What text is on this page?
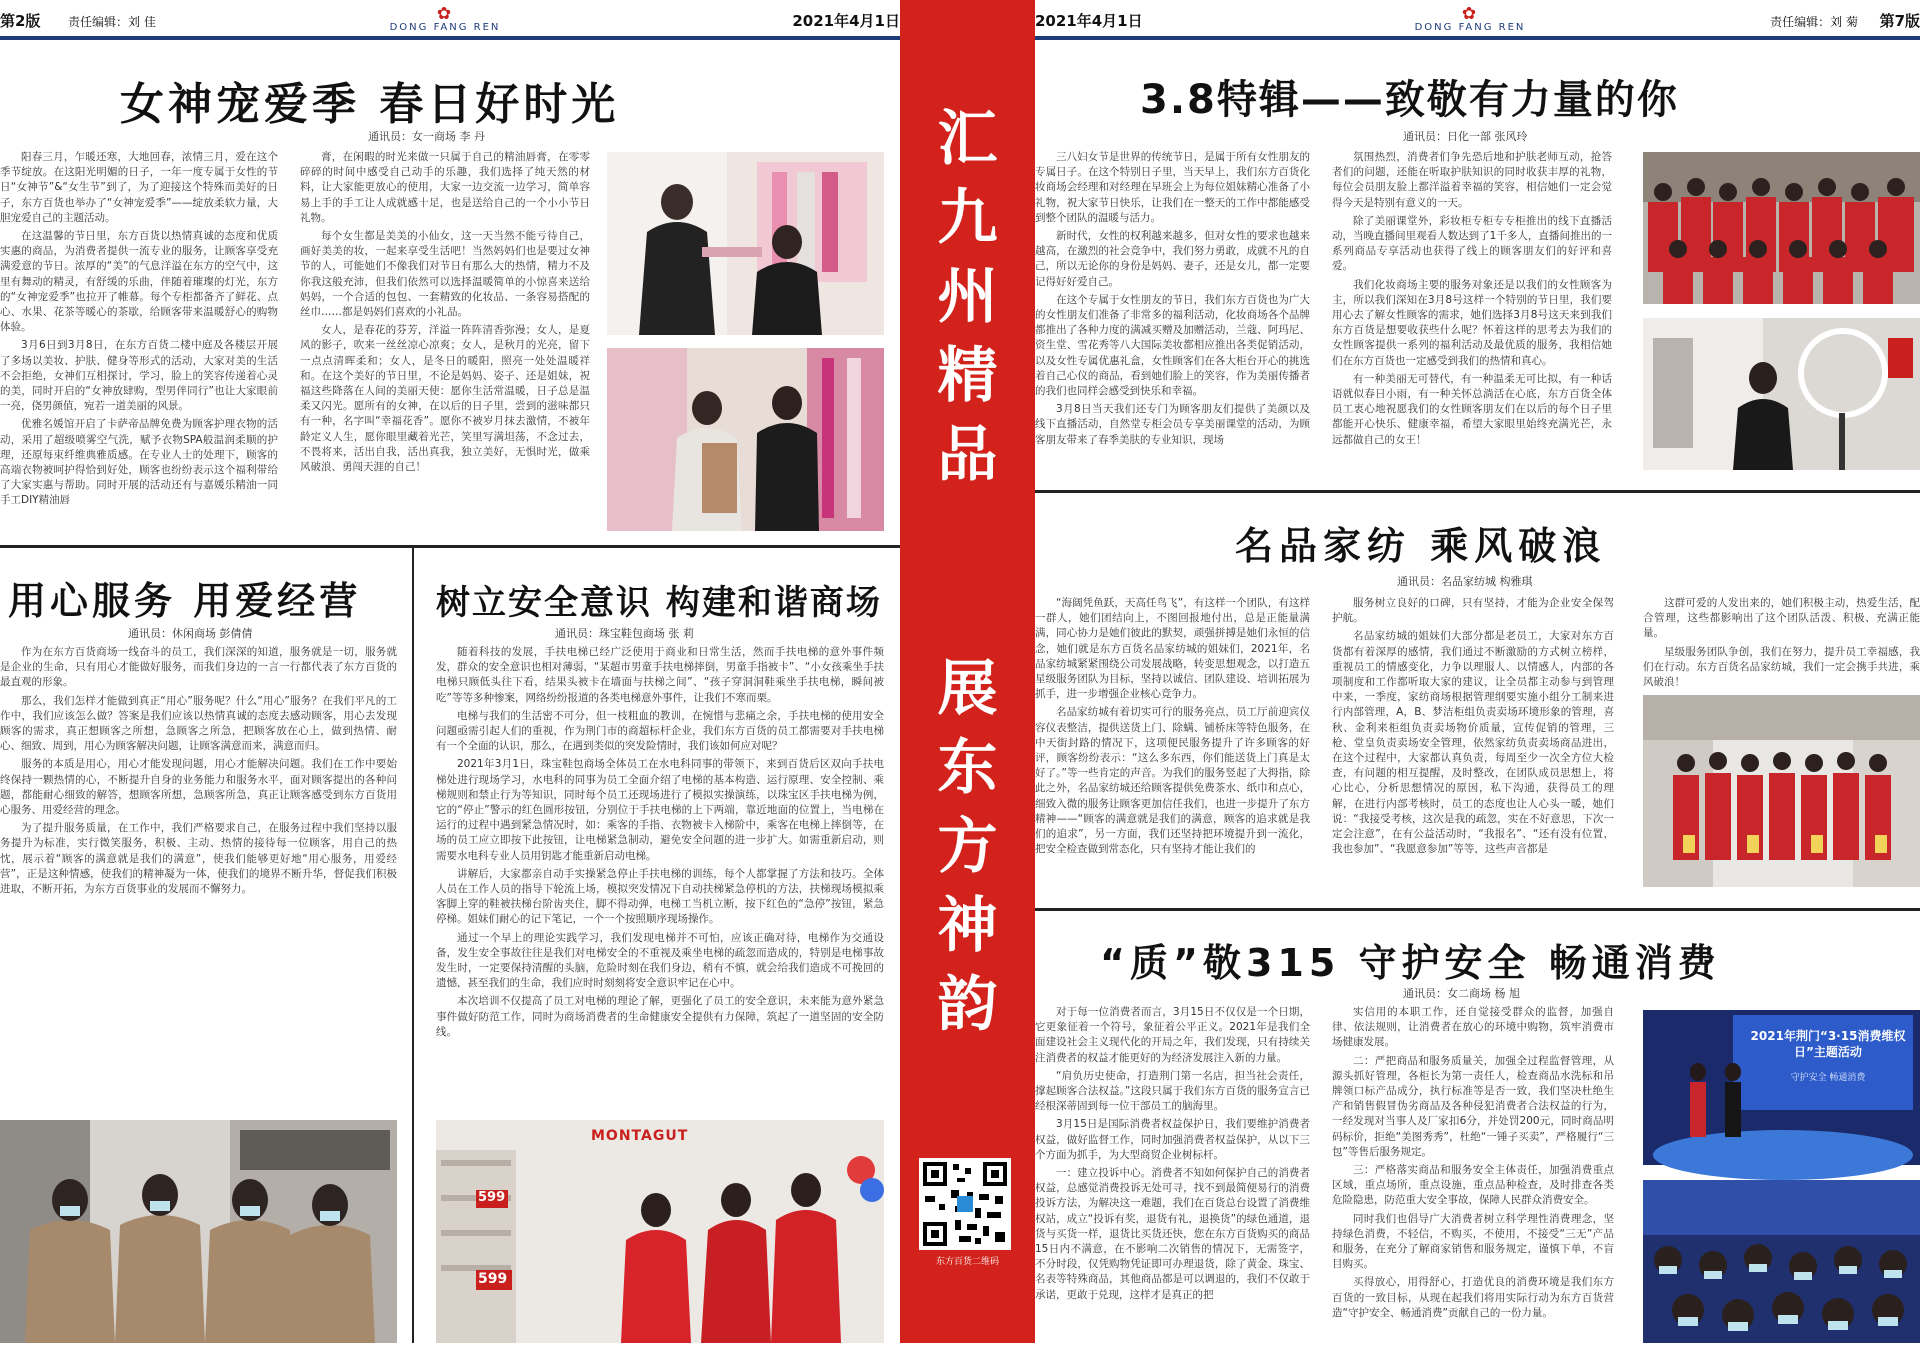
第2版 责任编辑：刘 佳	✿
DONG FANG REN	2021年4月1日
女神宠爱季 春日好时光
通讯员：女一商场 李 丹

阳春三月，乍暖还寒，大地回春，浓情三月，爱在这个季节绽放。在这阳光明媚的日子，一年一度专属于女性的节日“女神节”&“女生节”到了，为了迎接这个特殊而美好的日子，东方百货也举办了“女神宠爱季”——绽放柔软力量，大胆宠爱自己的主题活动。

在这温馨的节日里，东方百货以热情真诚的态度和优质实惠的商品，为消费者提供一流专业的服务，让顾客享受充满爱意的节日。浓厚的“美”的气息洋溢在东方的空气中，这里有舞动的精灵，有舒缓的乐曲，伴随着璀璨的灯光，东方的“女神宠爱季”也拉开了帷幕。每个专柜都备齐了鲜花、点心、水果、花茶等暖心的茶歇，给顾客带来温暖舒心的购物体验。

3月6日到3月8日，在东方百货二楼中庭及各楼层开展了多场以美妆、护肤、健身等形式的活动，大家对美的生活不会拒绝，女神们互相探讨，学习，脸上的笑容传递着心灵的美，同时开启的“女神放肆购，型男伴同行”也让大家眼前一亮，侥男颜值，宛若一道美丽的风景。

优雅名媛馆开启了卡萨帝品牌免费为顾客护理衣物的活动，采用了超级喷雾空气洗，赋予衣物SPA般温润柔顺的护理，还原每束纤维典雅质感。在专业人士的处理下，顾客的高端衣物被呵护得恰到好处，顾客也纷纷表示这个福利带给了大家实惠与帮助。同时开展的活动还有与嘉媛乐精油一同手工DIY精油唇

膏，在闲暇的时光来做一只属于自己的精油唇膏，在零零碎碎的时间中感受自己动手的乐趣，我们选择了纯天然的材料，让大家能更放心的使用，大家一边交流一边学习，简单容易上手的手工让人成就感十足，也是送给自己的一个小小节日礼物。

每个女生都是美美的小仙女，这一天当然不能亏待自己，画好美美的妆，一起来享受生活吧！当然妈妈们也是要过女神节的人，可能她们不像我们对节日有那么大的热情，精力不及你我这般充沛，但我们依然可以选择温暖简单的小惊喜来送给妈妈，一个合适的包包、一套精致的化妆品、一条容易搭配的丝巾……都是妈妈们喜欢的小礼品。

女人，是春花的芬芳，洋溢一阵阵清香弥漫；女人，是夏风的影子，吹来一丝丝凉心凉爽；女人，是秋月的光亮，留下一点点清晖柔和；女人，是冬日的暖阳，照亮一处处温暖祥和。在这个美好的节日里，不论是妈妈、姿子、还是姐妹，祝福这些降落在人间的美丽天使：愿你生活常温暖，日子总是温柔又闪光。愿所有的女神，在以后的日子里，尝到的滋味都只有一种，名字叫“幸福花香”。愿你不被岁月抹去激情，不被年龄定义人生，愿你眼里藏着光芒，笑里写满坦荡，不念过去，不畏将来，活出自我，活出真我，独立美好，无惧时光，做乘风破浪、勇闯天涯的自己！

用心服务 用爱经营
通讯员：休闲商场 彭倩倩

作为在东方百货商场一线奋斗的员工，我们深深的知道，服务就是一切，服务就是企业的生命，只有用心才能做好服务，而我们身边的一言一行都代表了东方百货的最直观的形象。

那么，我们怎样才能做到真正“用心”服务呢？什么“用心”服务？在我们平凡的工作中，我们应该怎么做？答案是我们应该以热情真诚的态度去感动顾客，用心去发现顾客的需求，真正想顾客之所想，急顾客之所急，把顾客放在心上，做到热情、耐心、细致、周到，用心为顾客解决问题，让顾客满意而来，满意而归。

服务的本质是用心，用心才能发现问题，用心才能解决问题。我们在工作中要始终保持一颗热情的心，不断提升自身的业务能力和服务水平，面对顾客提出的各种问题，都能耐心细致的解答，想顾客所想，急顾客所急，真正让顾客感受到东方百货用心服务、用爱经营的理念。

为了提升服务质量，在工作中，我们严格要求自己，在服务过程中我们坚持以服务提升为标准，实行微笑服务，积极、主动、热情的接待每一位顾客，用自己的热忱，展示着“顾客的满意就是我们的满意”，使我们能够更好地“用心服务，用爱经营”，正是这种情感，使我们的精神凝为一体，使我们的境界不断升华，督促我们积极进取，不断开拓，为东方百货事业的发展而不懈努力。

树立安全意识 构建和谐商场
通讯员：珠宝鞋包商场 张 莉

随着科技的发展，手扶电梯已经广泛使用于商业和日常生活，然而手扶电梯的意外事件频发，群众的安全意识也相对薄弱，“某超市男童手扶电梯摔倒，男童手指被卡”、“小女孩乘坐手扶电梯只顾低头往下看，结果头被卡在墙面与扶梯之间”、“孩子穿洞洞鞋乘坐手扶电梯，瞬间被吃”等等多种惨案，网络纷纷报道的各类电梯意外事件，让我们不寒而栗。

电梯与我们的生活密不可分，但一枝粗血的教训，在惋惜与悲痛之余，手扶电梯的使用安全问题亟需引起人们的重视，作为荆门市的商超标杆企业，我们东方百货的员工都需要对手扶电梯有一个全面的认识，那么，在遇到类似的突发险情时，我们该如何应对呢？

2021年3月1日，珠宝鞋包商场全体员工在水电科同事的带领下，来到百货后区双向手扶电梯处进行现场学习，水电科的同事为员工全面介绍了电梯的基本构造、运行原理、安全控制、乘梯规则和禁止行为等知识，同时每个员工还现场进行了模拟实操演练，以珠宝区手扶电梯为例，它的“停止”警示的红色圆形按钮，分别位于手扶电梯的上下两端，靠近地面的位置上，当电梯在运行的过程中遇到紧急情况时，如：乘客的手指、衣物被卡入梯阶中，乘客在电梯上摔倒等，在场的员工应立即按下此按钮，让电梯紧急制动，避免安全问题的进一步扩大。如需重新启动，则需要水电科专业人员用钥匙才能重新启动电梯。

讲解后，大家都亲自动手实操紧急停止手扶电梯的训练，每个人都掌握了方法和技巧。全体人员在工作人员的指导下轮流上场，模拟突发情况下自动扶梯紧急停机的方法，扶梯现场模拟乘客脚上穿的鞋被扶梯台阶齿夹住，脚不得动弹，电梯工当机立断，按下红色的“急停”按钮，紧急停梯。姐妹们耐心的记下笔记，一个一个按照顺序现场操作。

通过一个早上的理论实践学习，我们发现电梯并不可怕，应该正确对待，电梯作为交通设备，发生安全事故往往是我们对电梯安全的不重视及乘坐电梯的疏忽而造成的，特别是电梯事故发生时，一定要保持清醒的头脑，危险时刻在我们身边，稍有不慎，就会给我们造成不可挽回的遗憾，甚至我们的生命，我们应时时刻刻将安全意识牢记在心中。

本次培训不仅提高了员工对电梯的理论了解，更强化了员工的安全意识，未来能为意外紧急事件做好防范工作，同时为商场消费者的生命健康安全提供有力保障，筑起了一道坚固的安全防线。

MONTAGUT
599
599
汇
九
州
精
品
展
东
方
神
韵
东方百货二维码
2021年4月1日	✿
DONG FANG REN	责任编辑：刘 菊 第7版
3.8特辑——致敬有力量的你
通讯员：日化一部 张风玲

三八妇女节是世界的传统节日，是属于所有女性朋友的专属日子。在这个特别日子里，当天早上，我们东方百货化妆商场会经理和对经理在早班会上为每位姐妹精心准备了小礼物，祝大家节日快乐，让我们在一整天的工作中都能感受到整个团队的温暖与活力。

新时代，女性的权利越来越多，但对女性的要求也越来越高，在激烈的社会竞争中，我们努力勇敢，成就不凡的自己，所以无论你的身份是妈妈、妻子，还是女儿，都一定要记得好好爱自己。

在这个专属于女性朋友的节日，我们东方百货也为广大的女性朋友们准备了非常多的福利活动，化妆商场各个品牌都推出了各种力度的满减买赠及加赠活动，兰蔻、阿玛尼、资生堂、雪花秀等八大国际美妆都相应推出各类促销活动，以及女性专属优惠礼盒，女性顾客们在各大柜台开心的挑选着自己心仪的商品，看到她们脸上的笑容，作为美丽传播者的我们也同样会感受到快乐和幸福。

3月8日当天我们还专门为顾客朋友们提供了美颜以及线下直播活动，自然堂专柜会员专享美丽课堂的活动，为顾客朋友带来了春季美肤的专业知识，现场

氛围热烈，消费者们争先恐后地和护肤老师互动，抢答者们的问题，还能在听取护肤知识的同时收获丰厚的礼物，每位会员朋友脸上都洋溢着幸福的笑容，相信她们一定会觉得今天是特别有意义的一天。

除了美丽课堂外，彩妆柜专柜专专柜推出的线下直播活动，当晚直播间里观看人数达到了1千多人，直播间推出的一系列商品专享活动也获得了线上的顾客朋友们的好评和喜爱。

我们化妆商场主要的服务对象还是以我们的女性顾客为主，所以我们深知在3月8号这样一个特别的节日里，我们要用心去了解女性顾客的需求，她们选择3月8号这天来到我们东方百货是想要收获些什么呢？怀着这样的思考去为我们的女性顾客提供一系列的福利活动及最优质的服务，我相信她们在东方百货也一定感受到我们的热情和真心。

有一种美丽无可替代，有一种温柔无可比拟，有一种话语就似春日小雨，有一种关怀总淌活在心底，东方百货全体员工衷心地祝愿我们的女性顾客朋友们在以后的每个日子里都能开心快乐、健康幸福，希望大家眼里始终充满光芒，永远都做自己的女王！

名品家纺 乘风破浪
通讯员：名品家纺城 构雅琪

“海阔凭鱼跃，天高任鸟飞”，有这样一个团队，有这样一群人，她们团结向上，不图回报地付出，总是正能量满满，同心协力是她们彼此的默契，顽强拼搏是她们永恒的信念，她们就是东方百货名品家纺城的姐妹们，2021年，名品家纺城紧紧围绕公司发展战略，转变思想观念，以打造五星级服务团队为目标，坚持以诚信、团队建设、培训拓展为抓手，进一步增强企业核心竞争力。

名品家纺城有着切实可行的服务亮点，员工厅前迎宾仪容仪表整洁，提供送货上门、除螨、铺桥床等特色服务，在中天街封路的情况下，这项便民服务提升了许多顾客的好评，顾客纷纷表示：“这么多东西，你们能送货上门真是太好了。”等一些肯定的声音。为我们的服务竖起了大拇指，除此之外，名品家纺城还给顾客提供免费茶水、纸巾和点心，细致入微的服务让顾客更加信任我们，也进一步提升了东方精神——“顾客的满意就是我们的满意，顾客的追求就是我们的追求”，另一方面，我们还坚持把环境提升到一流化，把安全检查做到常态化，只有坚持才能让我们的

服务树立良好的口碑，只有坚持，才能为企业安全保驾护航。

名品家纺城的姐妹们大部分都是老员工，大家对东方百货都有着深厚的感情，我们通过不断激励的方式树立榜样，重视员工的情感变化，力争以理服人、以情感人，内部的各项制度和工作都听取大家的建议，让全员都主动参与到管理中来，一季度，家纺商场根据管理纲要实施小组分工制来进行内部管理，A，B、梦洁柜组负责卖场环境形象的管理，喜秋、金利来柜组负责卖场物价质量，宣传促销的管理，三枪、堂皇负责卖场安全管理，依然家纺负责卖场商品进出，在这个过程中，大家都认真负责，每周至少一次全方位大检查，有问题的相互提醒，及时整改，在团队成员思想上，将心比心，分析思想情况的原因，私下沟通，获得员工的理解，在进行内部考核时，员工的态度也让人心头一暖，她们说：“我接受考核，这次是我的疏忽，实在不好意思，下次一定会注意”，在有公益活动时，“我报名”、“还有没有位置，我也参加”、“我愿意参加”等等，这些声音都是

这群可爱的人发出来的，她们积极主动，热爱生活，配合管理，这些都影响出了这个团队活泼、积极、充满正能量。

星级服务团队争创，我们在努力，提升员工幸福感，我们在行动。东方百货名品家纺城，我们一定会携手共进，乘风破浪！

“质”敬315 守护安全 畅通消费
通讯员：女二商场 杨 旭

对于每一位消费者而言，3月15日不仅仅是一个日期，它更象征着一个符号，象征着公平正义。2021年是我们全面建设社会主义现代化的开局之年，我们发现，只有持续关注消费者的权益才能更好的为经济发展注入新的力量。

“肩负历史使命，打造荆门第一名店，担当社会责任，撑起顾客合法权益。”这段只属于我们东方百货的服务宣言已经根深蒂固到每一位干部员工的脑海里。

3月15日是国际消费者权益保护日，我们要维护消费者权益，做好监督工作，同时加强消费者权益保护，从以下三个方面为抓手，为大型商贸企业树标杆。

一：建立投诉中心。消费者不知如何保护自己的消费者权益，总感觉消费投诉无处可寻，找不到最简便易行的消费投诉方法，为解决这一难题，我们在百货总台设置了消费维权站，成立“投诉有奖，退货有礼，退换货”的绿色通道，退货与买货一样，退货比买货还快，您在东方百货购买的商品15日内不满意，在不影响二次销售的情况下，无需签字，不分时段，仅凭购物凭证即可办理退货，除了黄金、珠宝、名表等特殊商品，其他商品都是可以调退的，我们不仅敢于承诺，更敢于兑现，这样才是真正的把

实信用的本职工作，还自觉接受群众的监督，加强自律、依法规则，让消费者在放心的环境中购物，筑牢消费市场健康发展。

二：严把商品和服务质量关，加强全过程监督管理，从源头抓好管理，各柜长为第一责任人，检查商品水洗标和吊牌领口标产品成分，执行标准等是否一致，我们坚决杜绝生产和销售假冒伪劣商品及各种侵犯消费者合法权益的行为，一经发现对当事人及厂家扣6分，并处罚200元，同时商品明码标价，拒绝“美图秀秀”，杜绝“一锤子买卖”，严格履行“三包”等售后服务规定。

三：严格落实商品和服务安全主体责任，加强消费重点区域，重点场所，重点设施，重点品种检查，及时排查各类危险隐患，防范重大安全事故，保障人民群众消费安全。

同时我们也倡导广大消费者树立科学理性消费理念，坚持绿色消费，不轻信，不购买，不使用，不接受“三无”产品和服务，在充分了解商家销售和服务规定，谨慎下单，不盲目购买。

买得放心，用得舒心，打造优良的消费环境是我们东方百货的一致目标，从现在起我们将用实际行动为东方百货营造“守护安全、畅通消费”贡献自己的一份力量。

2021年荆门“3·15消费维权日”主题活动
守护安全 畅通消费
